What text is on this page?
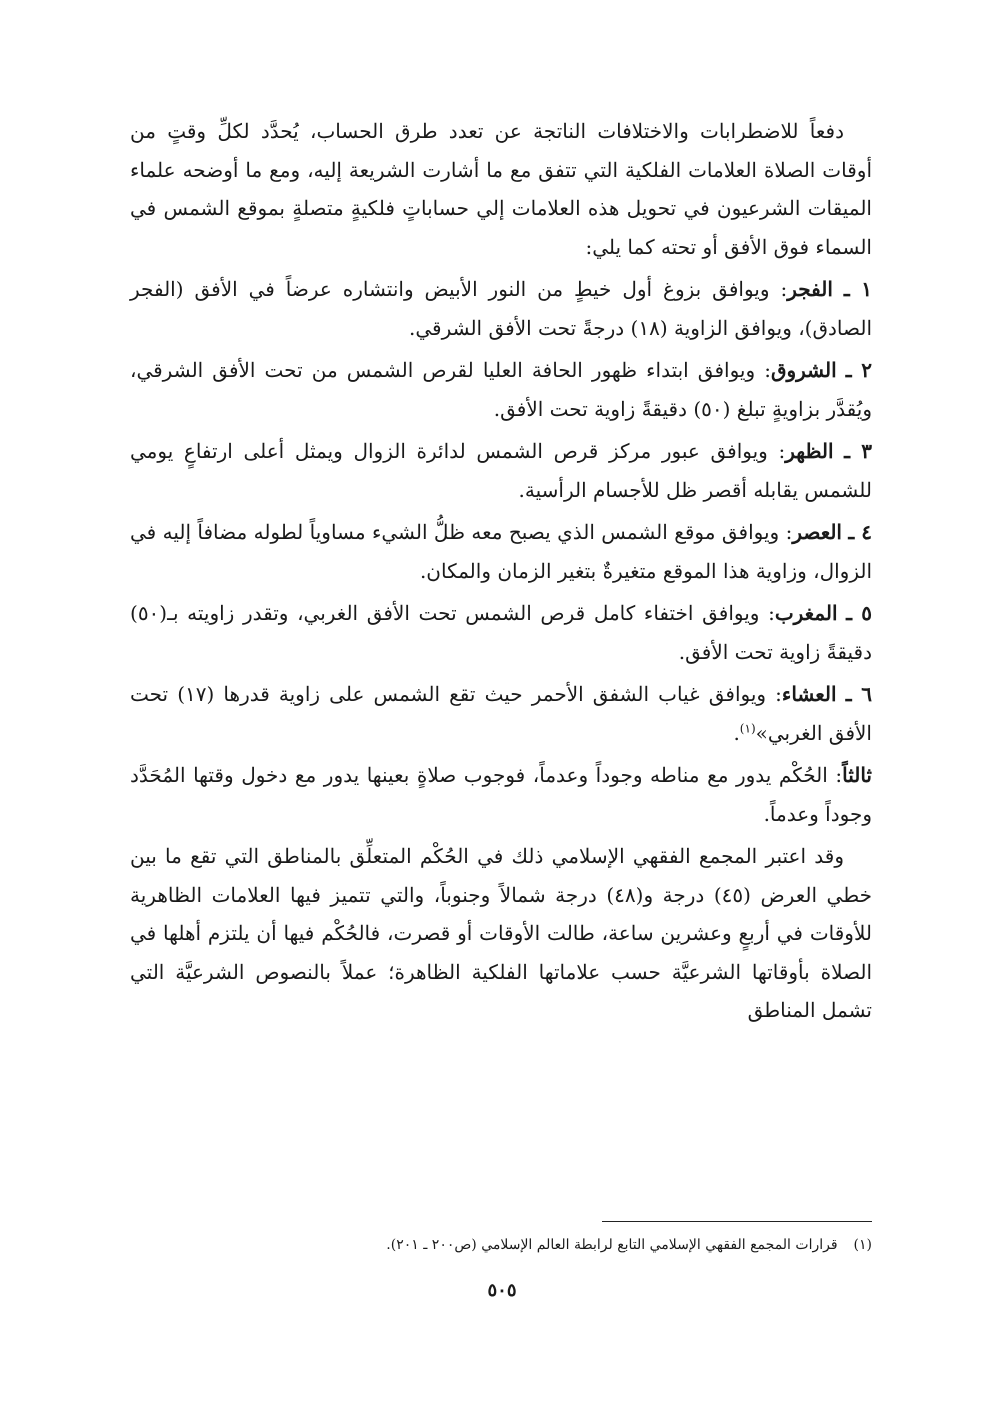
دفعاً للاضطرابات والاختلافات الناتجة عن تعدد طرق الحساب، يُحدَّد لكلِّ وقتٍ من أوقات الصلاة العلامات الفلكية التي تتفق مع ما أشارت الشريعة إليه، ومع ما أوضحه علماء الميقات الشرعيون في تحويل هذه العلامات إلي حساباتٍ فلكيةٍ متصلةٍ بموقع الشمس في السماء فوق الأفق أو تحته كما يلي:

١ ـ الفجر: ويوافق بزوغ أول خيطٍ من النور الأبيض وانتشاره عرضاً في الأفق (الفجر الصادق)، ويوافق الزاوية (١٨) درجةً تحت الأفق الشرقي.

٢ ـ الشروق: ويوافق ابتداء ظهور الحافة العليا لقرص الشمس من تحت الأفق الشرقي، ويُقدَّر بزاويةٍ تبلغ (٥٠) دقيقةً زاوية تحت الأفق.

٣ ـ الظهر: ويوافق عبور مركز قرص الشمس لدائرة الزوال ويمثل أعلى ارتفاعٍ يومي للشمس يقابله أقصر ظل للأجسام الرأسية.

٤ ـ العصر: ويوافق موقع الشمس الذي يصبح معه ظلُّ الشيء مساوياً لطوله مضافاً إليه في الزوال، وزاوية هذا الموقع متغيرةٌ بتغير الزمان والمكان.

٥ ـ المغرب: ويوافق اختفاء كامل قرص الشمس تحت الأفق الغربي، وتقدر زاويته بـ(٥٠) دقيقةً زاوية تحت الأفق.

٦ ـ العشاء: ويوافق غياب الشفق الأحمر حيث تقع الشمس على زاوية قدرها (١٧) تحت الأفق الغربي»$^{(١)}$.

ثالثاً: الحُكْم يدور مع مناطه وجوداً وعدماً، فوجوب صلاةٍ بعينها يدور مع دخول وقتها المُحَدَّد وجوداً وعدماً.

وقد اعتبر المجمع الفقهي الإسلامي ذلك في الحُكْم المتعلِّق بالمناطق التي تقع ما بين خطي العرض (٤٥) درجة و(٤٨) درجة شمالاً وجنوباً، والتي تتميز فيها العلامات الظاهرية للأوقات في أربعٍ وعشرين ساعة، طالت الأوقات أو قصرت، فالحُكْم فيها أن يلتزم أهلها في الصلاة بأوقاتها الشرعيَّة حسب علاماتها الفلكية الظاهرة؛ عملاً بالنصوص الشرعيَّة التي تشمل المناطق

(١)قرارات المجمع الفقهي الإسلامي التابع لرابطة العالم الإسلامي (ص٢٠٠ ـ ٢٠١).
٥٠٥
